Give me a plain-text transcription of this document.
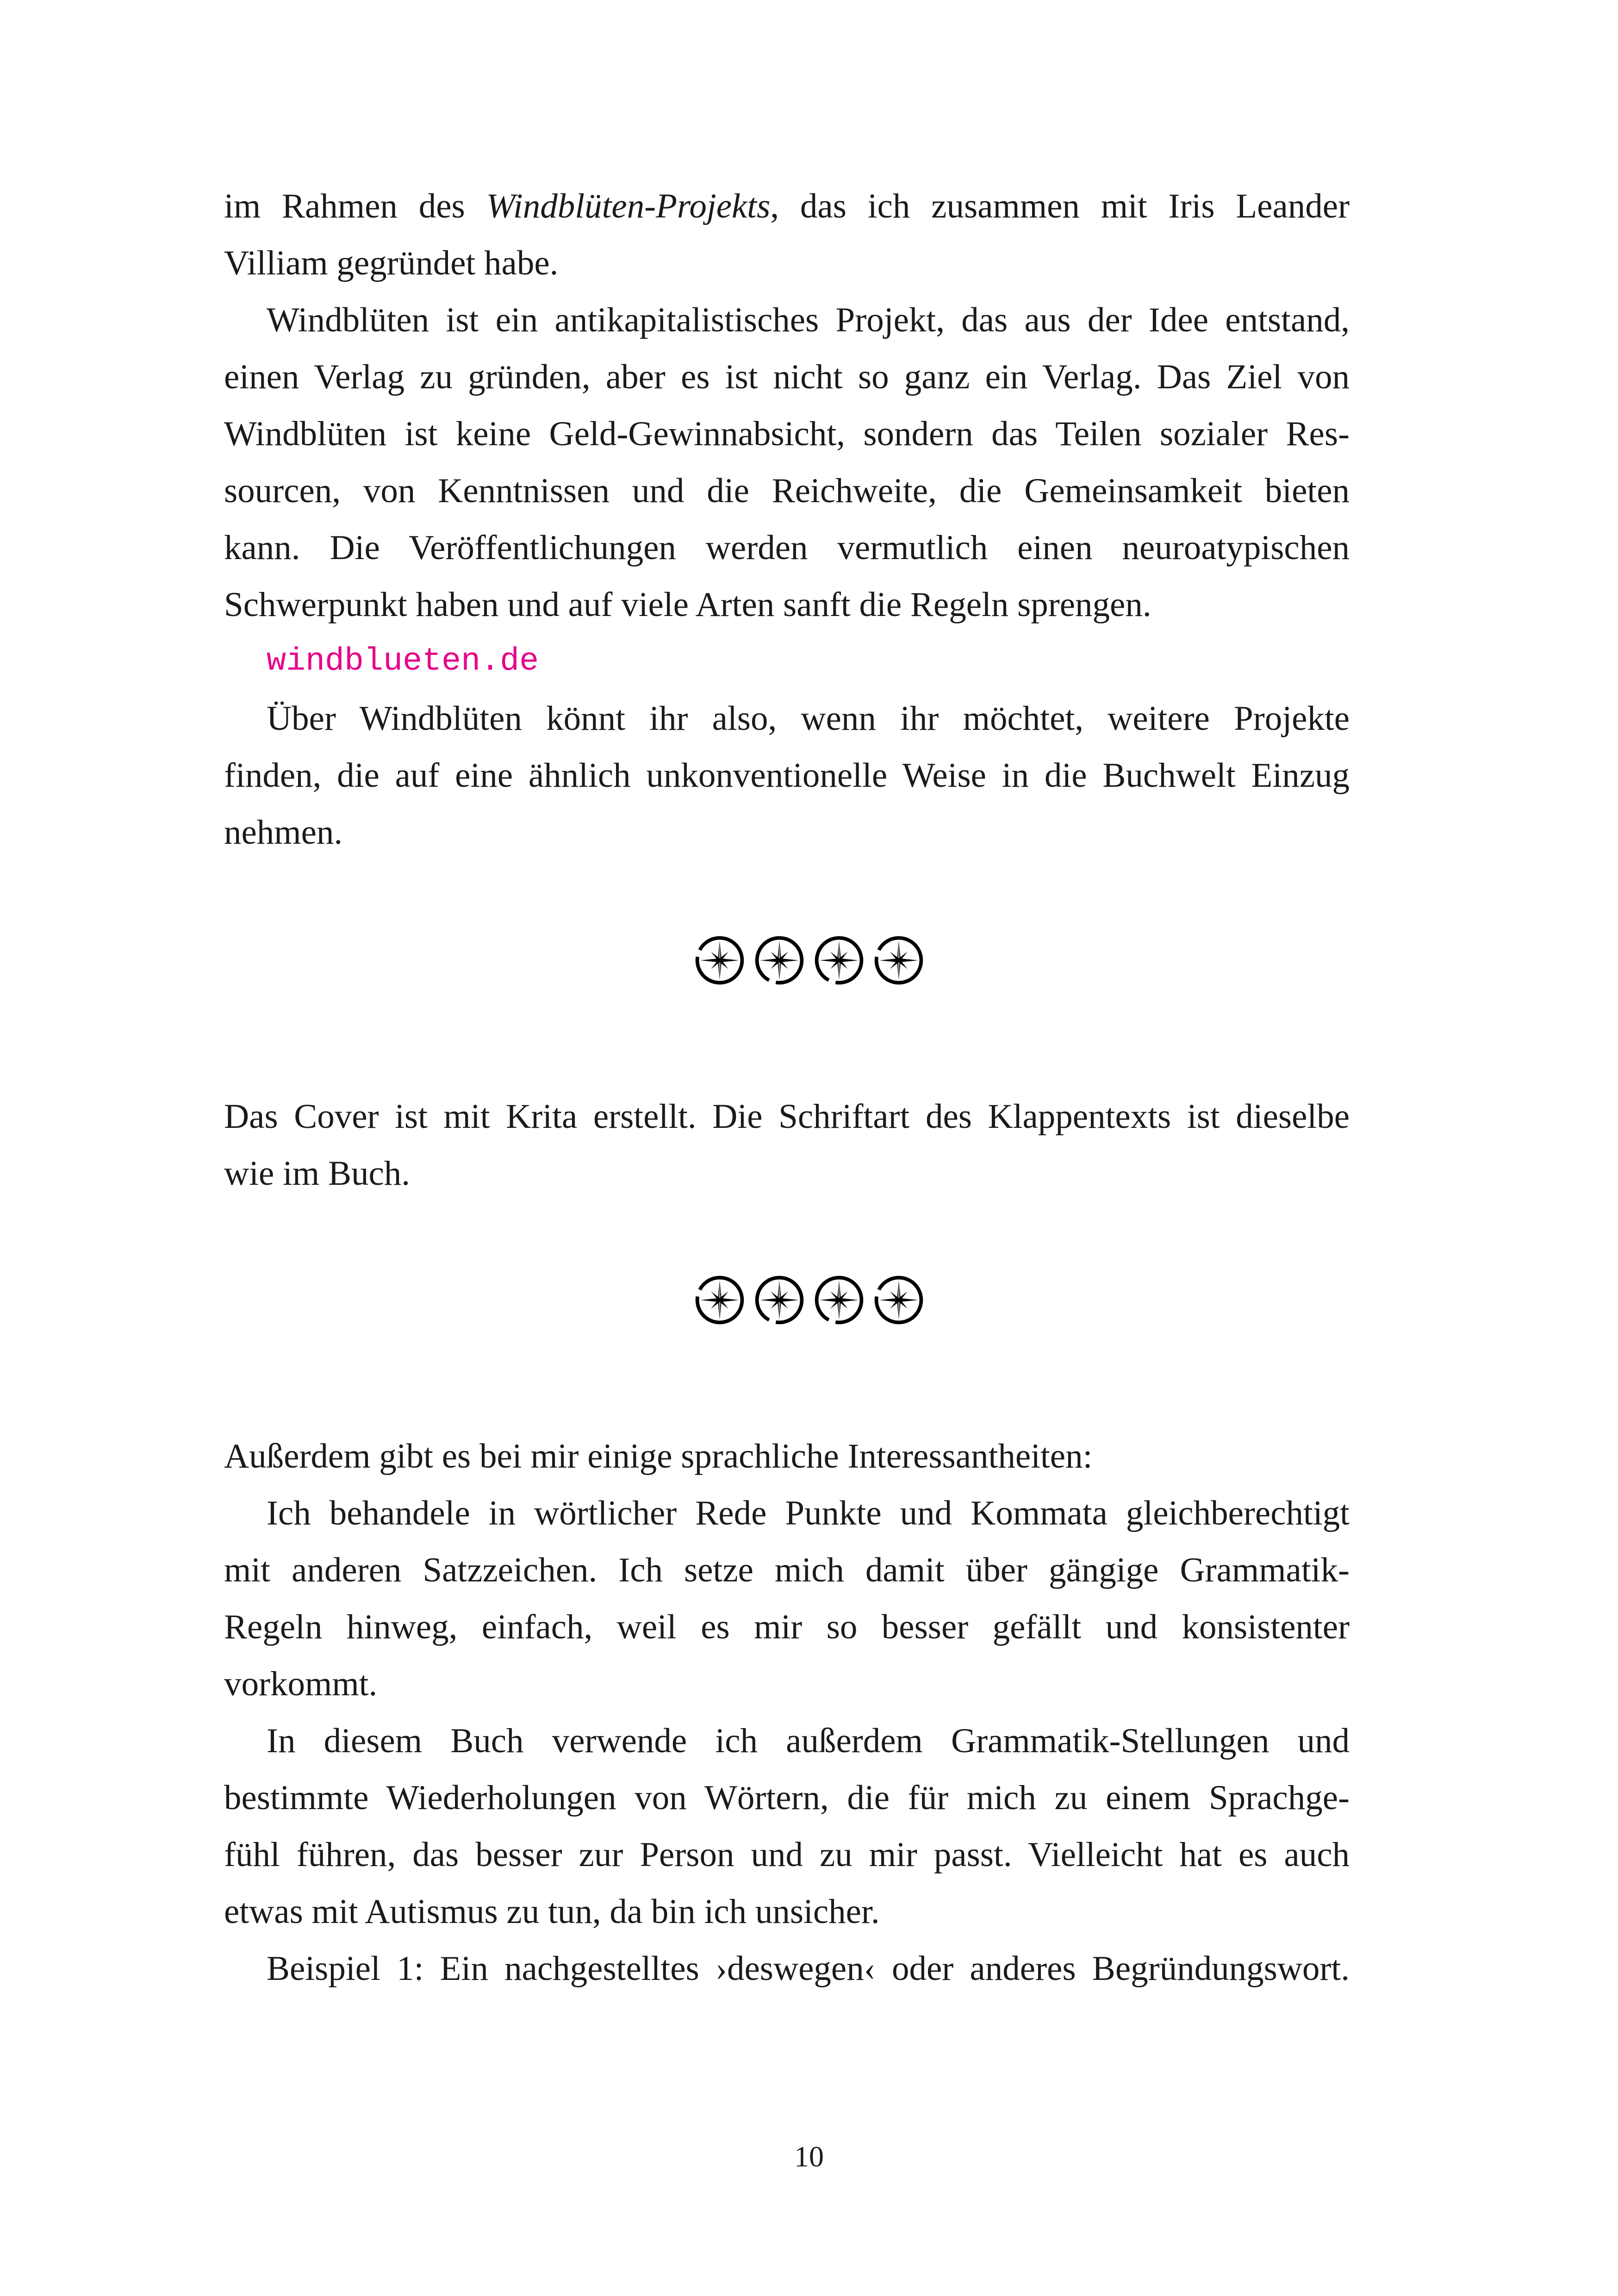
im Rahmen des Windblüten-Projekts, das ich zusammen mit Iris Leander
Villiam gegründet habe.
Windblüten ist ein antikapitalistisches Projekt, das aus der Idee entstand,
einen Verlag zu gründen, aber es ist nicht so ganz ein Verlag. Das Ziel von
Windblüten ist keine Geld-Gewinnabsicht, sondern das Teilen sozialer Res-
sourcen, von Kenntnissen und die Reichweite, die Gemeinsamkeit bieten
kann. Die Veröffentlichungen werden vermutlich einen neuroatypischen
Schwerpunkt haben und auf viele Arten sanft die Regeln sprengen.
windblueten.de
Über Windblüten könnt ihr also, wenn ihr möchtet, weitere Projekte
finden, die auf eine ähnlich unkonventionelle Weise in die Buchwelt Einzug
nehmen.
Das Cover ist mit Krita erstellt. Die Schriftart des Klappentexts ist dieselbe
wie im Buch.
Außerdem gibt es bei mir einige sprachliche Interessantheiten:
Ich behandele in wörtlicher Rede Punkte und Kommata gleichberechtigt
mit anderen Satzzeichen. Ich setze mich damit über gängige Grammatik-
Regeln hinweg, einfach, weil es mir so besser gefällt und konsistenter
vorkommt.
In diesem Buch verwende ich außerdem Grammatik-Stellungen und
bestimmte Wiederholungen von Wörtern, die für mich zu einem Sprachge-
fühl führen, das besser zur Person und zu mir passt. Vielleicht hat es auch
etwas mit Autismus zu tun, da bin ich unsicher.
Beispiel 1: Ein nachgestelltes ›deswegen‹ oder anderes Begründungswort.
10
